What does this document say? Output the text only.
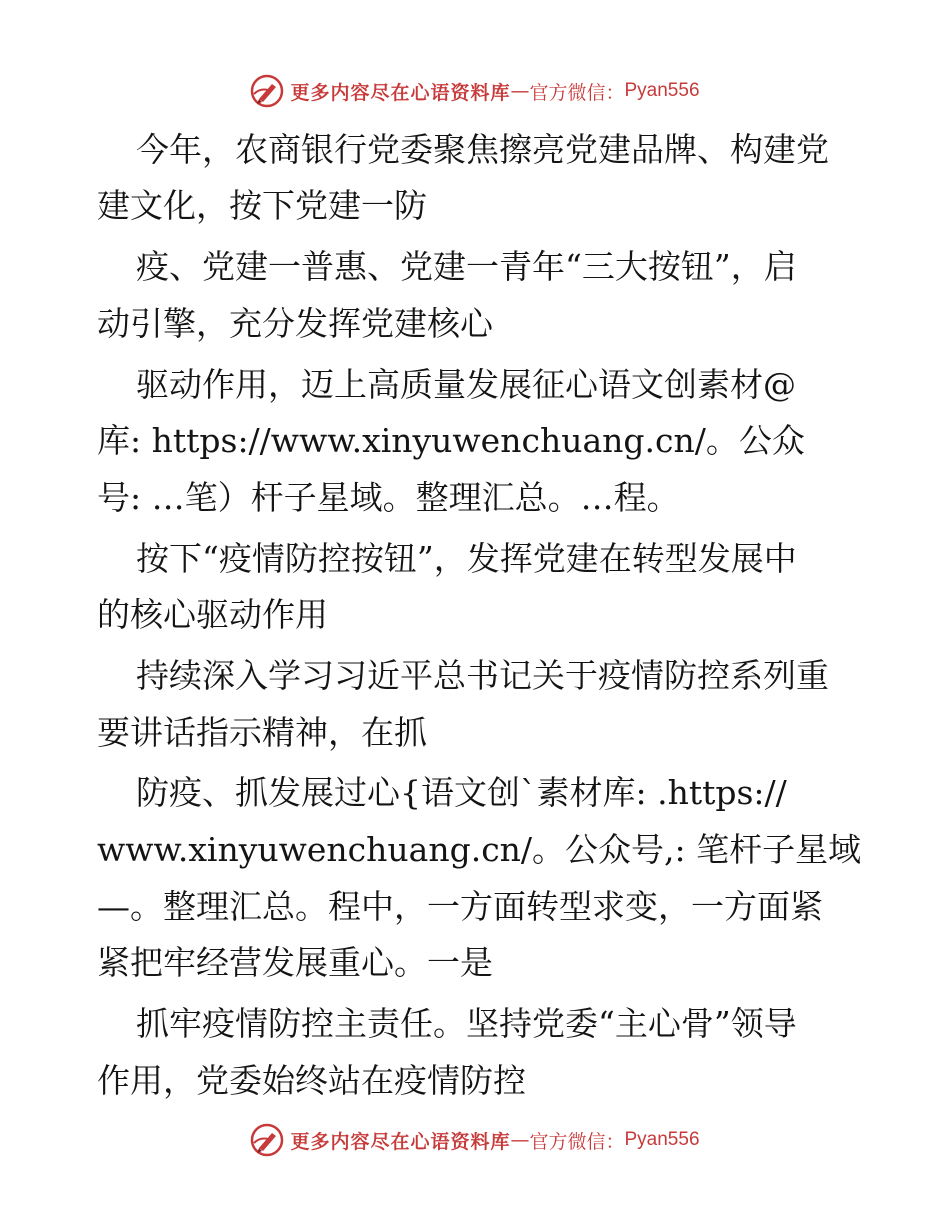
更多内容尽在心语资料库 — 官方微信： Pyan556
今年，农商银行党委聚焦擦亮党建品牌、构建党
建文化，按下党建一防
疫、党建一普惠、党建一青年“三大按钮”，启
动引擎，充分发挥党建核心
驱动作用，迈上高质量发展征心语文创素材@
库: https://www.xinyuwenchuang.cn/。公众
号: …笔）杆子星域。整理汇总。…程。
按下“疫情防控按钮”，发挥党建在转型发展中
的核心驱动作用
持续深入学习习近平总书记关于疫情防控系列重
要讲话指示精神，在抓
防疫、抓发展过心{语文创`素材库: .https://
www.xinyuwenchuang.cn/。公众号,: 笔杆子星域
—。整理汇总。程中，一方面转型求变，一方面紧
紧把牢经营发展重心。一是
抓牢疫情防控主责任。坚持党委“主心骨”领导
作用，党委始终站在疫情防控
更多内容尽在心语资料库 — 官方微信： Pyan556
